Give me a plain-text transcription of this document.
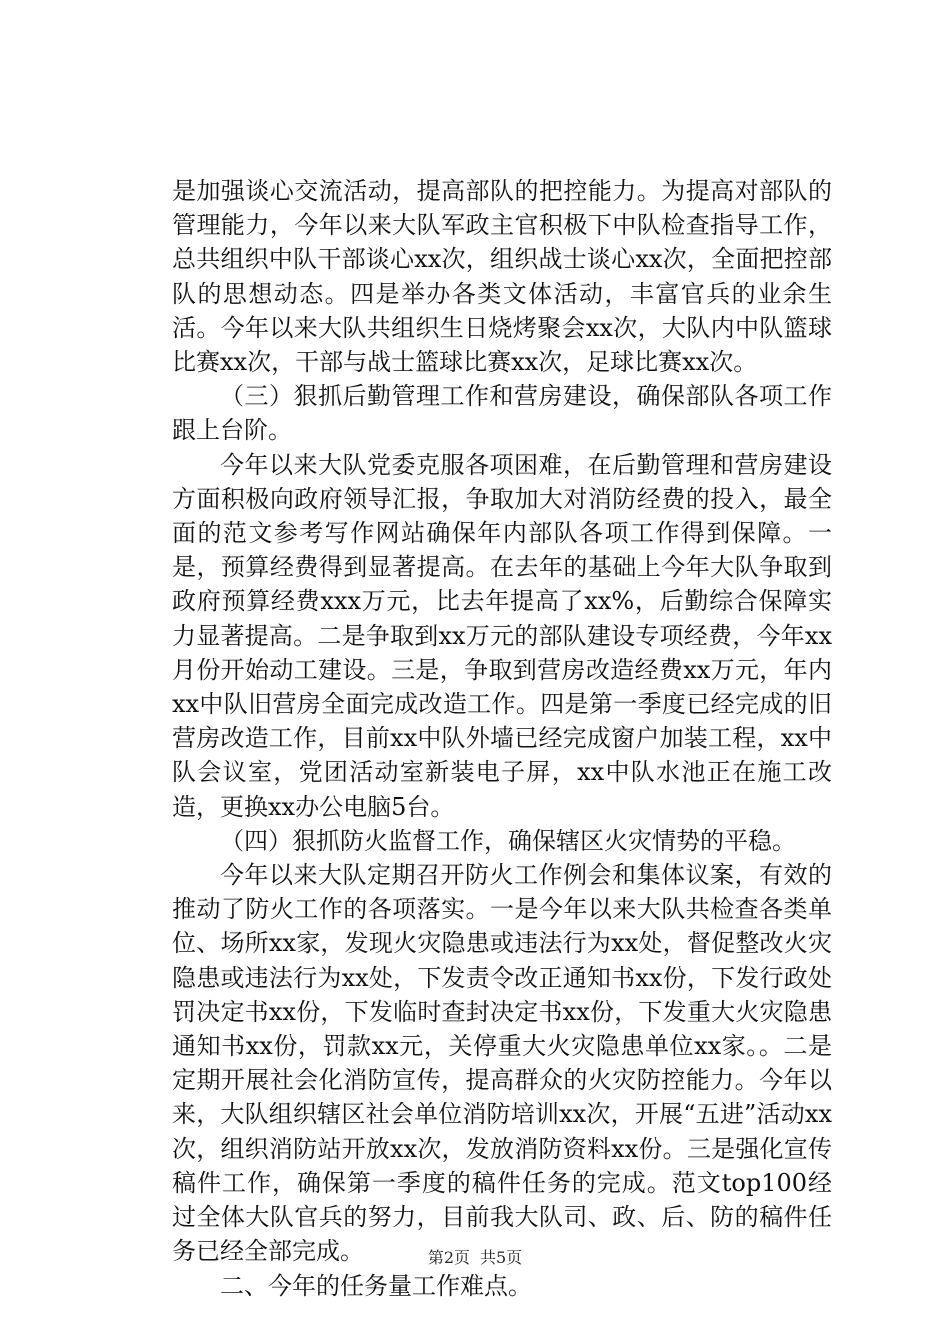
是加强谈心交流活动，提高部队的把控能力。为提高对部队的管理能力，今年以来大队军政主官积极下中队检查指导工作，总共组织中队干部谈心xx次，组织战士谈心xx次，全面把控部队的思想动态。四是举办各类文体活动，丰富官兵的业余生活。今年以来大队共组织生日烧烤聚会xx次，大队内中队篮球比赛xx次，干部与战士篮球比赛xx次，足球比赛xx次。

（三）狠抓后勤管理工作和营房建设，确保部队各项工作跟上台阶。

今年以来大队党委克服各项困难，在后勤管理和营房建设方面积极向政府领导汇报，争取加大对消防经费的投入，最全面的范文参考写作网站确保年内部队各项工作得到保障。一是，预算经费得到显著提高。在去年的基础上今年大队争取到政府预算经费xxx万元，比去年提高了xx%，后勤综合保障实力显著提高。二是争取到xx万元的部队建设专项经费，今年xx月份开始动工建设。三是，争取到营房改造经费xx万元，年内xx中队旧营房全面完成改造工作。四是第一季度已经完成的旧营房改造工作，目前xx中队外墙已经完成窗户加装工程，xx中队会议室，党团活动室新装电子屏，xx中队水池正在施工改造，更换xx办公电脑5台。

（四）狠抓防火监督工作，确保辖区火灾情势的平稳。

今年以来大队定期召开防火工作例会和集体议案，有效的推动了防火工作的各项落实。一是今年以来大队共检查各类单位、场所xx家，发现火灾隐患或违法行为xx处，督促整改火灾隐患或违法行为xx处，下发责令改正通知书xx份，下发行政处罚决定书xx份，下发临时查封决定书xx份，下发重大火灾隐患通知书xx份，罚款xx元，关停重大火灾隐患单位xx家。。二是定期开展社会化消防宣传，提高群众的火灾防控能力。今年以来，大队组织辖区社会单位消防培训xx次，开展“五进”活动xx次，组织消防站开放xx次，发放消防资料xx份。三是强化宣传稿件工作，确保第一季度的稿件任务的完成。范文top100经过全体大队官兵的努力，目前我大队司、政、后、防的稿件任务已经全部完成。

二、今年的任务量工作难点。

第2页 共5页
